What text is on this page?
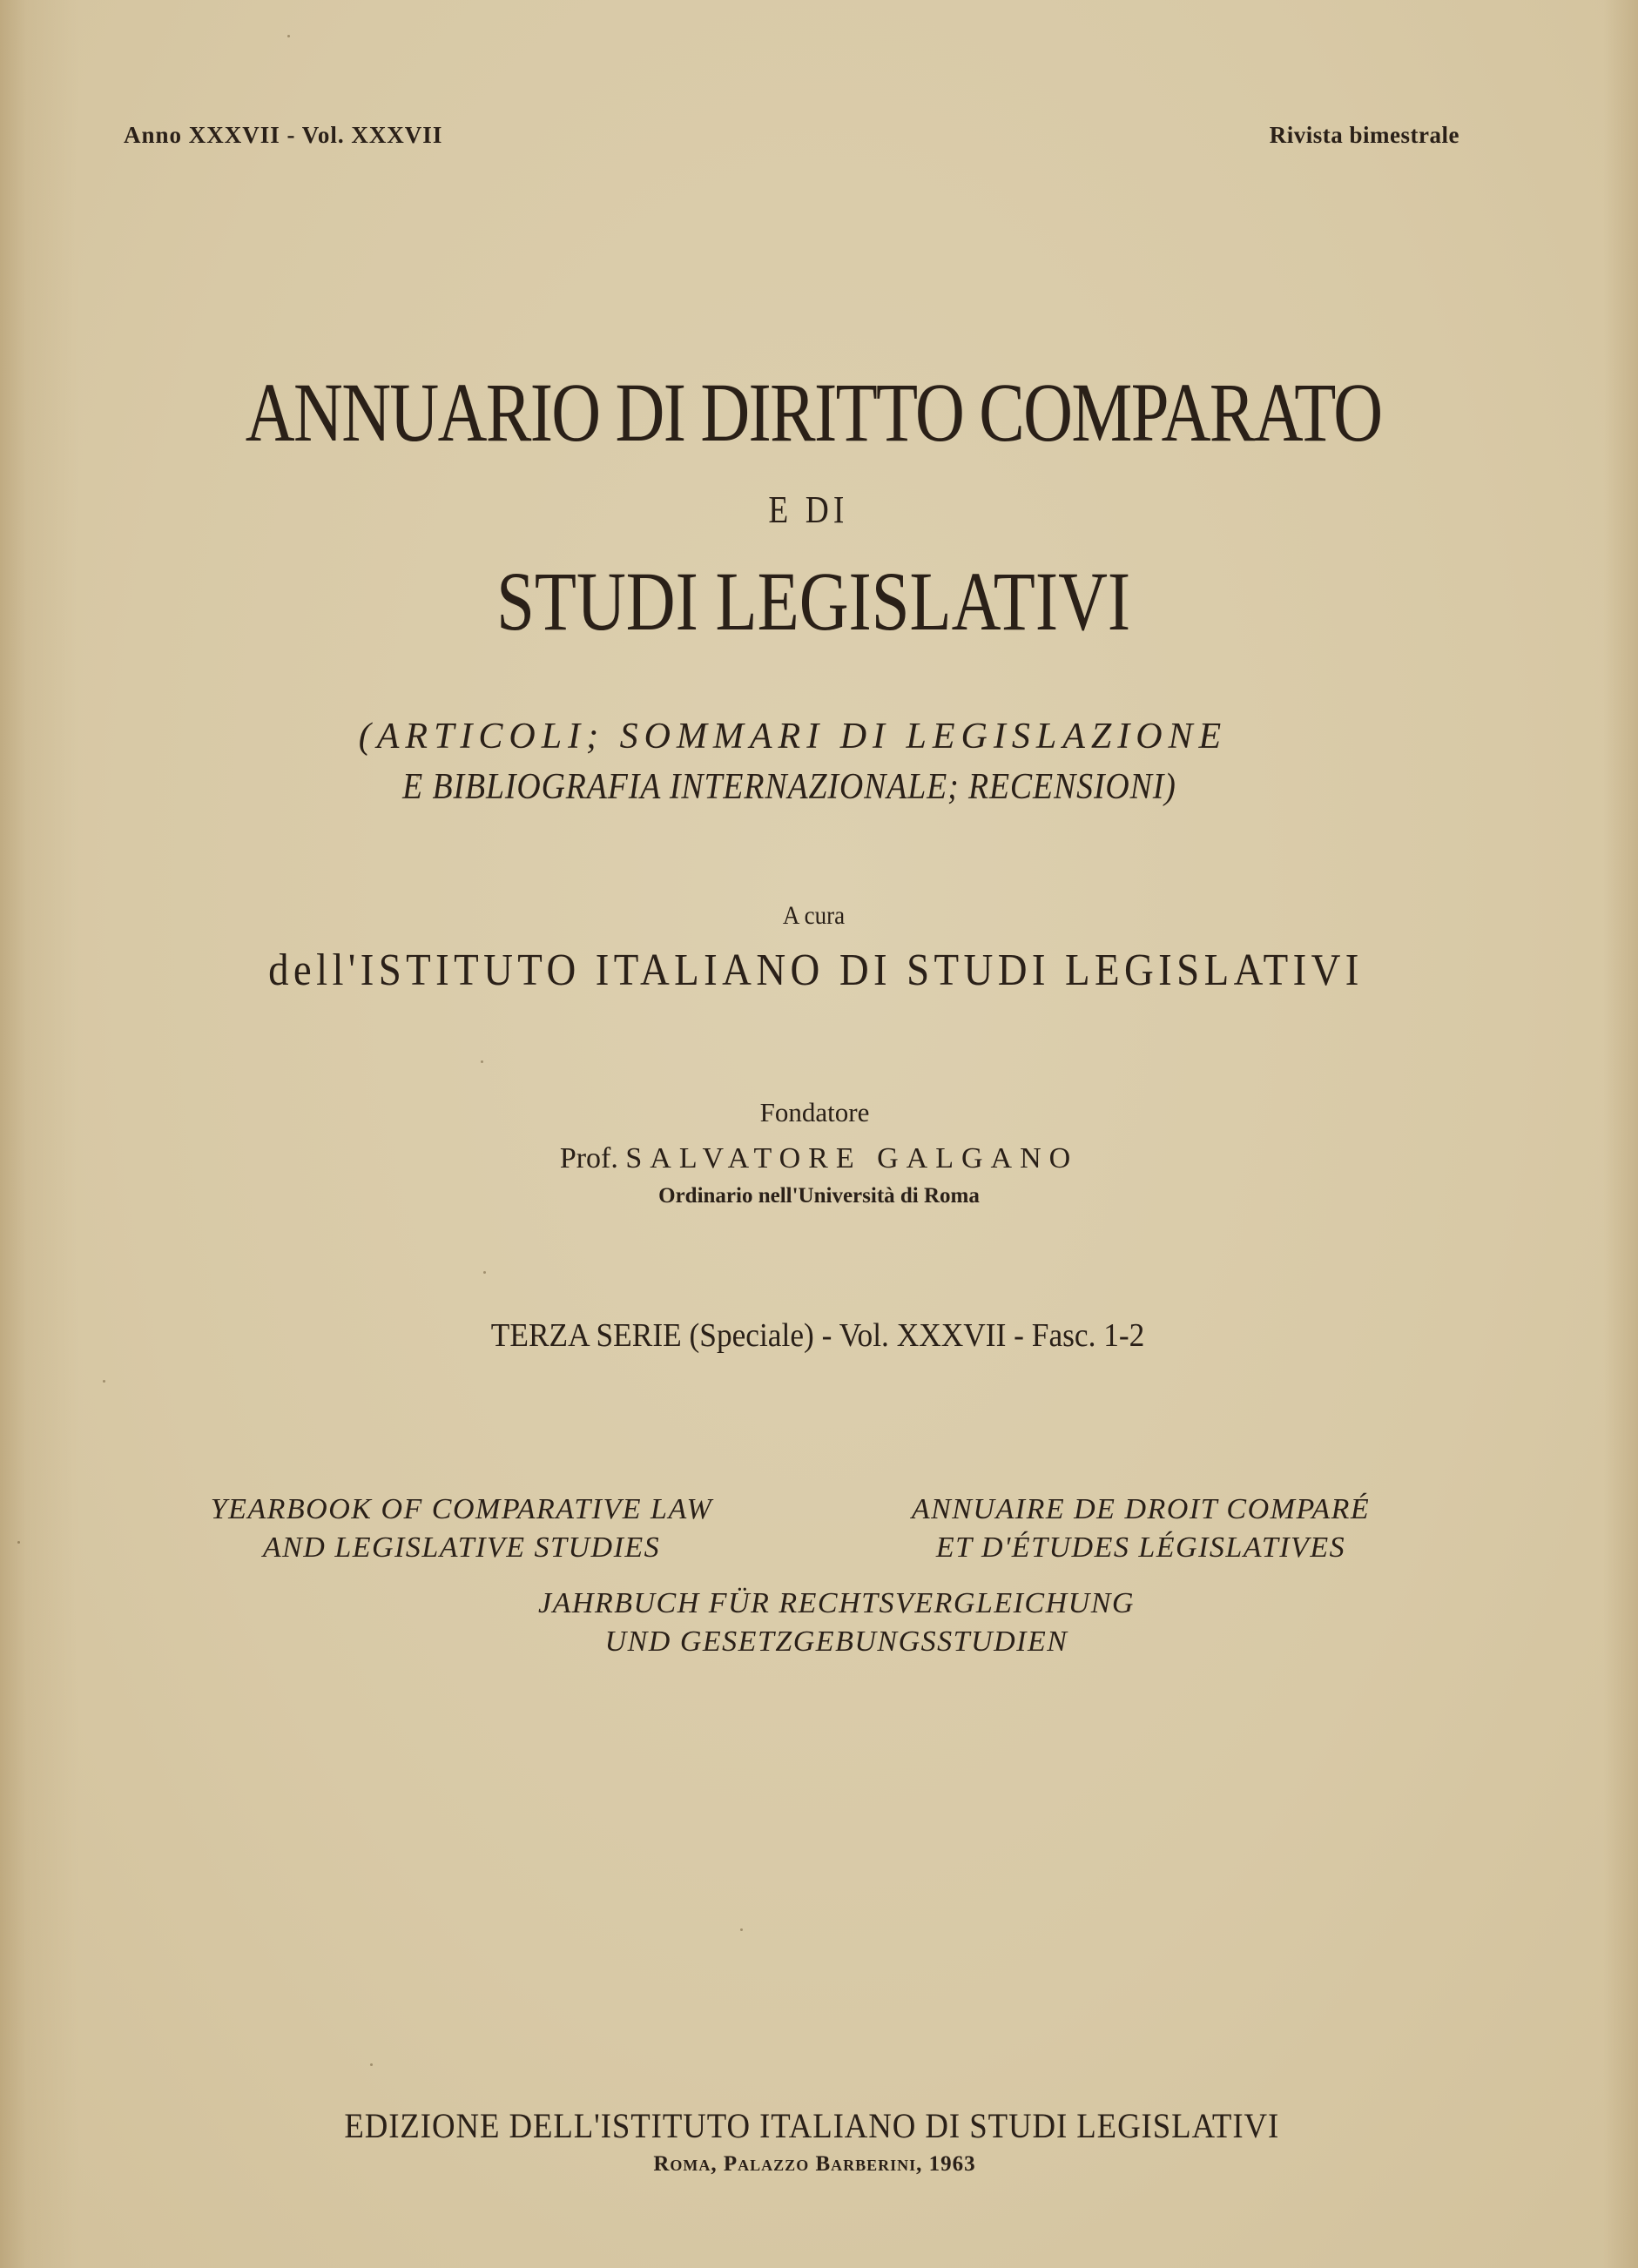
Anno XXXVII - Vol. XXXVII	Rivista bimestrale
ANNUARIO DI DIRITTO COMPARATO
E DI
STUDI LEGISLATIVI
(ARTICOLI; SOMMARI DI LEGISLAZIONE
E BIBLIOGRAFIA INTERNAZIONALE; RECENSIONI)
A cura
dell'ISTITUTO ITALIANO DI STUDI LEGISLATIVI
Fondatore
Prof. SALVATORE GALGANO
Ordinario nell'Università di Roma
TERZA SERIE (Speciale) - Vol. XXXVII - Fasc. 1-2
YEARBOOK OF COMPARATIVE LAW
AND LEGISLATIVE STUDIES
ANNUAIRE DE DROIT COMPARÉ
ET D'ÉTUDES LÉGISLATIVES
JAHRBUCH FÜR RECHTSVERGLEICHUNG
UND GESETZGEBUNGSSTUDIEN
EDIZIONE DELL'ISTITUTO ITALIANO DI STUDI LEGISLATIVI
Roma, Palazzo Barberini, 1963
